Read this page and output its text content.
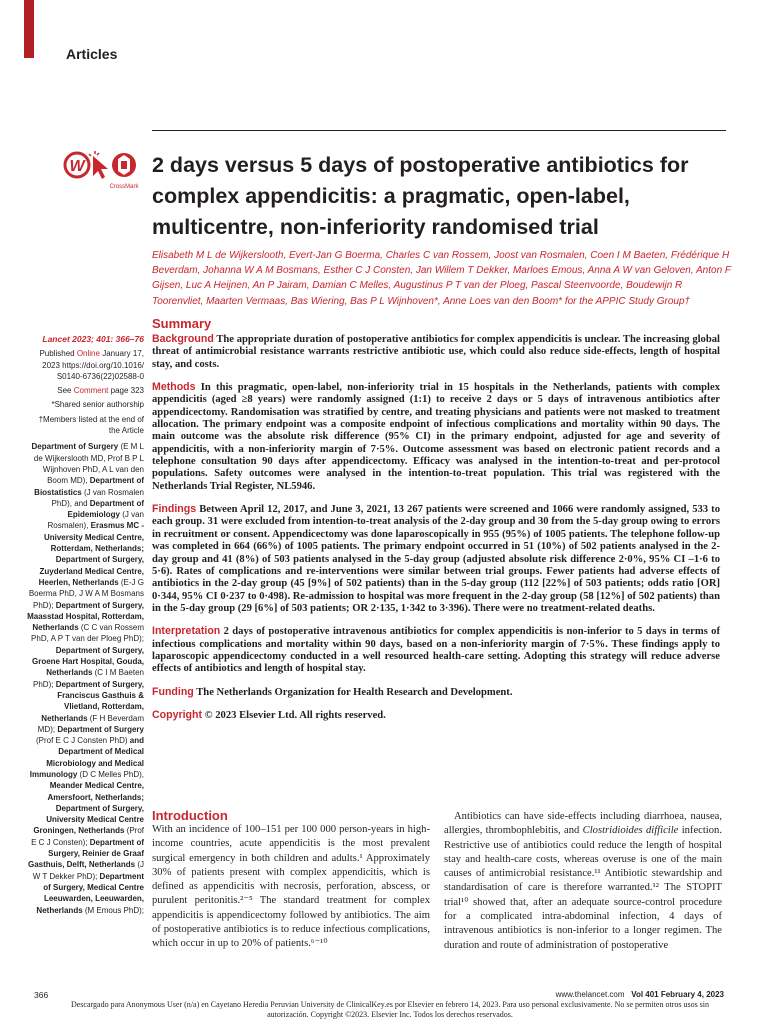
Articles
W
CrossMark
2 days versus 5 days of postoperative antibiotics for complex appendicitis: a pragmatic, open-label, multicentre, non-inferiority randomised trial
Elisabeth M L de Wijkerslooth, Evert-Jan G Boerma, Charles C van Rossem, Joost van Rosmalen, Coen I M Baeten, Frédérique H Beverdam, Johanna W A M Bosmans, Esther C J Consten, Jan Willem T Dekker, Marloes Emous, Anna A W van Geloven, Anton F Gijsen, Luc A Heijnen, An P Jairam, Damian C Melles, Augustinus P T van der Ploeg, Pascal Steenvoorde, Boudewijn R Toorenvliet, Maarten Vermaas, Bas Wiering, Bas P L Wijnhoven*, Anne Loes van den Boom* for the APPIC Study Group†
Lancet 2023; 401: 366–76

Published Online January 17, 2023 https://doi.org/10.1016/ S0140-6736(22)02588-0

See Comment page 323

*Shared senior authorship

†Members listed at the end of the Article

Department of Surgery (E M L de Wijkerslooth MD, Prof B P L Wijnhoven PhD, A L van den Boom MD), Department of Biostatistics (J van Rosmalen PhD), and Department of Epidemiology (J van Rosmalen), Erasmus MC - University Medical Centre, Rotterdam, Netherlands; Department of Surgery, Zuyderland Medical Centre, Heerlen, Netherlands (E-J G Boerma PhD, J W A M Bosmans PhD); Department of Surgery, Maasstad Hospital, Rotterdam, Netherlands (C C van Rossem PhD, A P T van der Ploeg PhD); Department of Surgery, Groene Hart Hospital, Gouda, Netherlands (C I M Baeten PhD); Department of Surgery, Franciscus Gasthuis & Vlietland, Rotterdam, Netherlands (F H Beverdam MD); Department of Surgery (Prof E C J Consten PhD) and Department of Medical Microbiology and Medical Immunology (D C Melles PhD), Meander Medical Centre, Amersfoort, Netherlands; Department of Surgery, University Medical Centre Groningen, Netherlands (Prof E C J Consten); Department of Surgery, Reinier de Graaf Gasthuis, Delft, Netherlands (J W T Dekker PhD); Department of Surgery, Medical Centre Leeuwarden, Leeuwarden, Netherlands (M Emous PhD);
Summary

Background The appropriate duration of postoperative antibiotics for complex appendicitis is unclear. The increasing global threat of antimicrobial resistance warrants restrictive antibiotic use, which could also reduce side-effects, length of hospital stay, and costs.

Methods In this pragmatic, open-label, non-inferiority trial in 15 hospitals in the Netherlands, patients with complex appendicitis (aged ≥8 years) were randomly assigned (1:1) to receive 2 days or 5 days of intravenous antibiotics after appendicectomy. Randomisation was stratified by centre, and treating physicians and patients were not masked to treatment allocation. The primary endpoint was a composite endpoint of infectious complications and mortality within 90 days. The main outcome was the absolute risk difference (95% CI) in the primary endpoint, adjusted for age and severity of appendicitis, with a non-inferiority margin of 7·5%. Outcome assessment was based on electronic patient records and a telephone consultation 90 days after appendicectomy. Efficacy was analysed in the intention-to-treat and per-protocol populations. Safety outcomes were analysed in the intention-to-treat population. This trial was registered with the Netherlands Trial Register, NL5946.

Findings Between April 12, 2017, and June 3, 2021, 13 267 patients were screened and 1066 were randomly assigned, 533 to each group. 31 were excluded from intention-to-treat analysis of the 2-day group and 30 from the 5-day group owing to errors in recruitment or consent. Appendicectomy was done laparoscopically in 955 (95%) of 1005 patients. The telephone follow-up was completed in 664 (66%) of 1005 patients. The primary endpoint occurred in 51 (10%) of 502 patients analysed in the 2-day group and 41 (8%) of 503 patients analysed in the 5-day group (adjusted absolute risk difference 2·0%, 95% CI –1·6 to 5·6). Rates of complications and re-interventions were similar between trial groups. Fewer patients had adverse effects of antibiotics in the 2-day group (45 [9%] of 502 patients) than in the 5-day group (112 [22%] of 503 patients; odds ratio [OR] 0·344, 95% CI 0·237 to 0·498). Re-admission to hospital was more frequent in the 2-day group (58 [12%] of 502 patients) than in the 5-day group (29 [6%] of 503 patients; OR 2·135, 1·342 to 3·396). There were no treatment-related deaths.

Interpretation 2 days of postoperative intravenous antibiotics for complex appendicitis is non-inferior to 5 days in terms of infectious complications and mortality within 90 days, based on a non-inferiority margin of 7·5%. These findings apply to laparoscopic appendicectomy conducted in a well resourced health-care setting. Adopting this strategy will reduce adverse effects of antibiotics and length of hospital stay.

Funding The Netherlands Organization for Health Research and Development.

Copyright © 2023 Elsevier Ltd. All rights reserved.

Introduction
With an incidence of 100–151 per 100 000 person-years in high-income countries, acute appendicitis is the most prevalent surgical emergency in both children and adults.¹ Approximately 30% of patients present with complex appendicitis, which is defined as appendicitis with necrosis, perforation, abscess, or purulent peritonitis.²⁻⁵ The standard treatment for complex appendicitis is appendicectomy followed by antibiotics. The aim of postoperative antibiotics is to reduce infectious complications, which occur in up to 20% of patients.⁶⁻¹⁰
Antibiotics can have side-effects including diarrhoea, nausea, allergies, thrombophlebitis, and Clostridioides difficile infection. Restrictive use of antibiotics could reduce the length of hospital stay and health-care costs, whereas overuse is one of the main causes of antimicrobial resistance.¹¹ Antibiotic stewardship and standardisation of care is therefore warranted.¹² The STOPIT trial¹⁰ showed that, after an adequate source-control procedure for a complicated intra-abdominal infection, 4 days of intravenous antibiotics is non-inferior to a longer regimen. The duration and route of administration of postoperative
366	www.thelancet.com Vol 401 February 4, 2023
Descargado para Anonymous User (n/a) en Cayetano Heredia Peruvian University de ClinicalKey.es por Elsevier en febrero 14, 2023. Para uso personal exclusivamente. No se permiten otros usos sin autorización. Copyright ©2023. Elsevier Inc. Todos los derechos reservados.
